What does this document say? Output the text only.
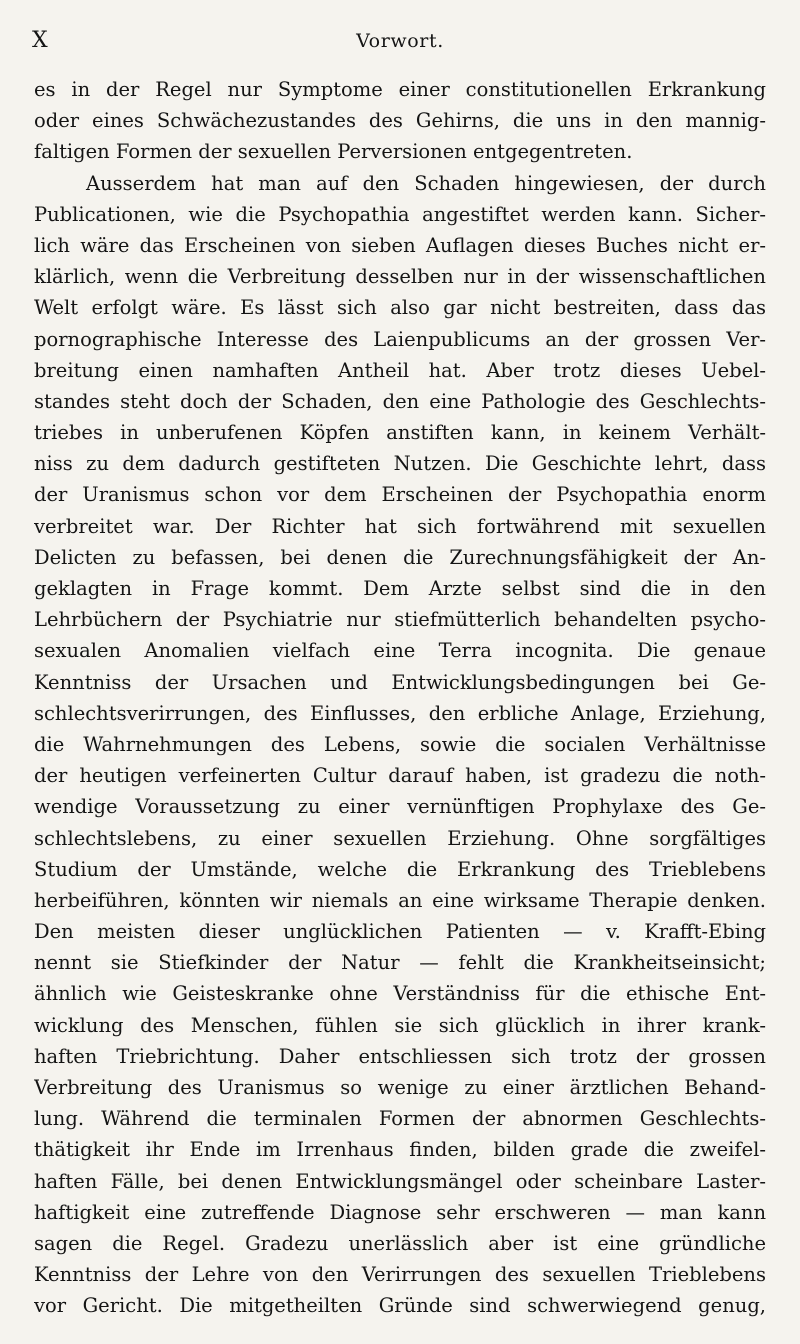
X	Vorwort.
es in der Regel nur Symptome einer constitutionellen Erkrankung
oder eines Schwächezustandes des Gehirns, die uns in den mannig-
faltigen Formen der sexuellen Perversionen entgegentreten.
Ausserdem hat man auf den Schaden hingewiesen, der durch
Publicationen, wie die Psychopathia angestiftet werden kann. Sicher-
lich wäre das Erscheinen von sieben Auflagen dieses Buches nicht er-
klärlich, wenn die Verbreitung desselben nur in der wissenschaftlichen
Welt erfolgt wäre. Es lässt sich also gar nicht bestreiten, dass das
pornographische Interesse des Laienpublicums an der grossen Ver-
breitung einen namhaften Antheil hat. Aber trotz dieses Uebel-
standes steht doch der Schaden, den eine Pathologie des Geschlechts-
triebes in unberufenen Köpfen anstiften kann, in keinem Verhält-
niss zu dem dadurch gestifteten Nutzen. Die Geschichte lehrt, dass
der Uranismus schon vor dem Erscheinen der Psychopathia enorm
verbreitet war. Der Richter hat sich fortwährend mit sexuellen
Delicten zu befassen, bei denen die Zurechnungsfähigkeit der An-
geklagten in Frage kommt. Dem Arzte selbst sind die in den
Lehrbüchern der Psychiatrie nur stiefmütterlich behandelten psycho-
sexualen Anomalien vielfach eine Terra incognita. Die genaue
Kenntniss der Ursachen und Entwicklungsbedingungen bei Ge-
schlechtsverirrungen, des Einflusses, den erbliche Anlage, Erziehung,
die Wahrnehmungen des Lebens, sowie die socialen Verhältnisse
der heutigen verfeinerten Cultur darauf haben, ist gradezu die noth-
wendige Voraussetzung zu einer vernünftigen Prophylaxe des Ge-
schlechtslebens, zu einer sexuellen Erziehung. Ohne sorgfältiges
Studium der Umstände, welche die Erkrankung des Trieblebens
herbeiführen, könnten wir niemals an eine wirksame Therapie denken.
Den meisten dieser unglücklichen Patienten — v. Krafft-Ebing
nennt sie Stiefkinder der Natur — fehlt die Krankheitseinsicht;
ähnlich wie Geisteskranke ohne Verständniss für die ethische Ent-
wicklung des Menschen, fühlen sie sich glücklich in ihrer krank-
haften Triebrichtung. Daher entschliessen sich trotz der grossen
Verbreitung des Uranismus so wenige zu einer ärztlichen Behand-
lung. Während die terminalen Formen der abnormen Geschlechts-
thätigkeit ihr Ende im Irrenhaus finden, bilden grade die zweifel-
haften Fälle, bei denen Entwicklungsmängel oder scheinbare Laster-
haftigkeit eine zutreffende Diagnose sehr erschweren — man kann
sagen die Regel. Gradezu unerlässlich aber ist eine gründliche
Kenntniss der Lehre von den Verirrungen des sexuellen Trieblebens
vor Gericht. Die mitgetheilten Gründe sind schwerwiegend genug,
